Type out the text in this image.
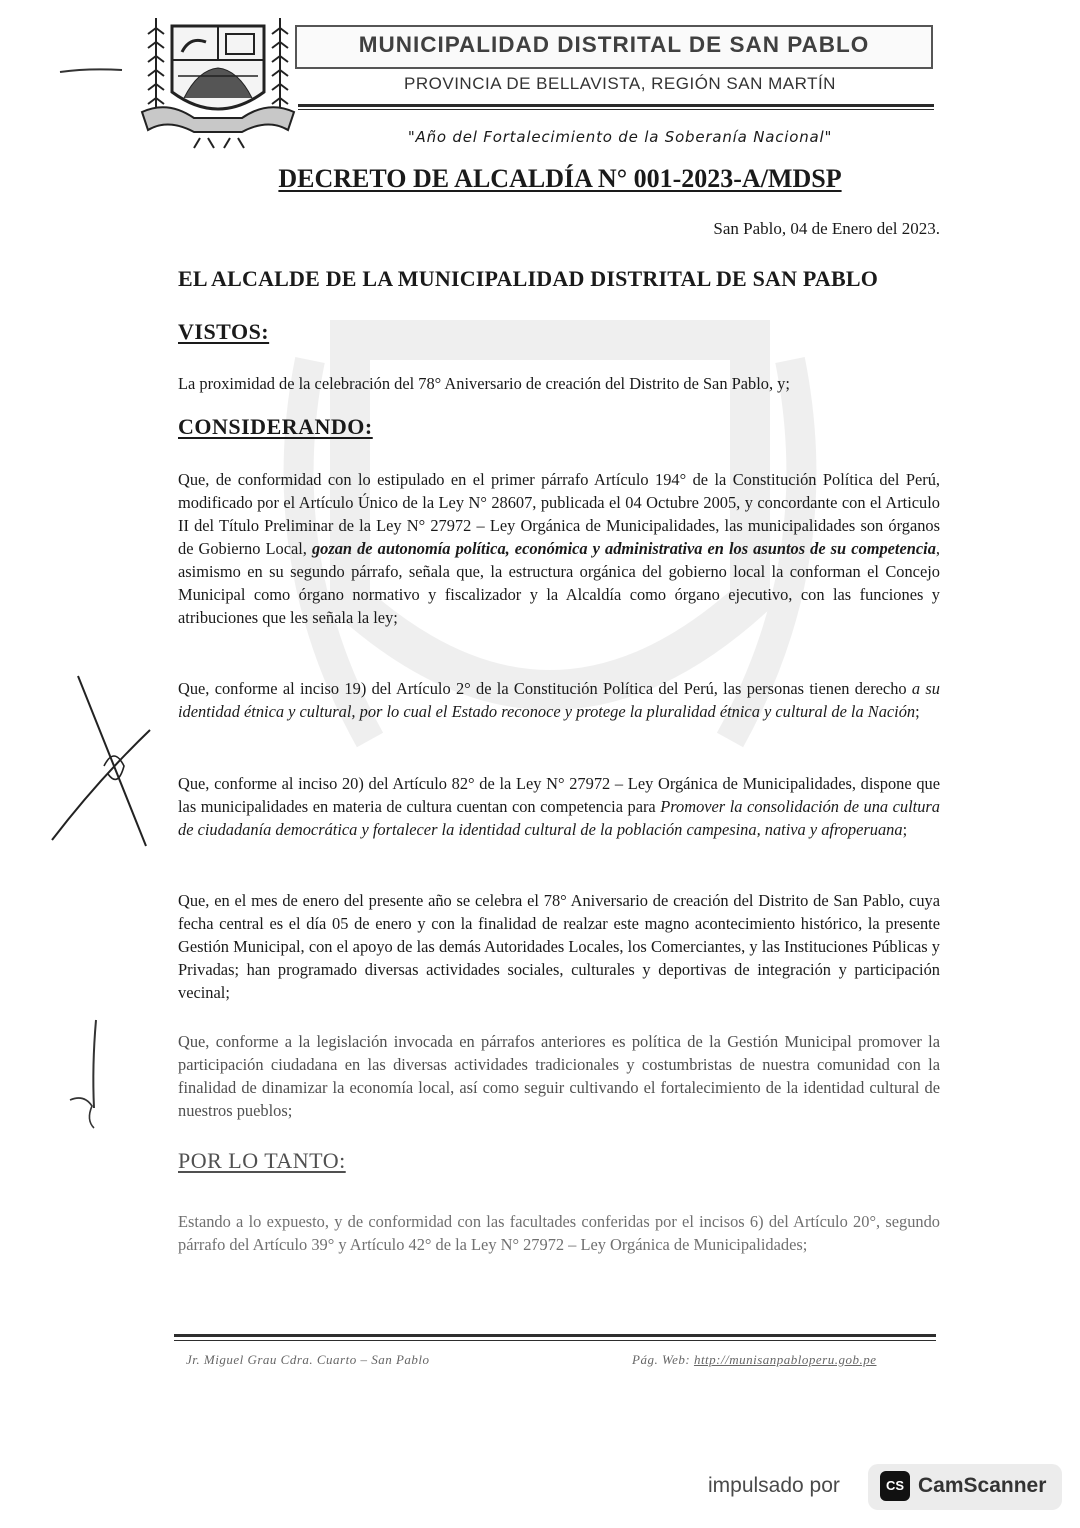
MUNICIPALIDAD DISTRITAL DE SAN PABLO
PROVINCIA DE BELLAVISTA, REGIÓN SAN MARTÍN
"Año del Fortalecimiento de la Soberanía Nacional"
DECRETO DE ALCALDÍA N° 001-2023-A/MDSP
San Pablo, 04 de Enero del 2023.
EL ALCALDE DE LA MUNICIPALIDAD DISTRITAL DE SAN PABLO
VISTOS:
La proximidad de la celebración del 78° Aniversario de creación del Distrito de San Pablo, y;
CONSIDERANDO:
Que, de conformidad con lo estipulado en el primer párrafo Artículo 194° de la Constitución Política del Perú, modificado por el Artículo Único de la Ley N° 28607, publicada el 04 Octubre 2005, y concordante con el Articulo II del Título Preliminar de la Ley N° 27972 – Ley Orgánica de Municipalidades, las municipalidades son órganos de Gobierno Local, gozan de autonomía política, económica y administrativa en los asuntos de su competencia, asimismo en su segundo párrafo, señala que, la estructura orgánica del gobierno local la conforman el Concejo Municipal como órgano normativo y fiscalizador y la Alcaldía como órgano ejecutivo, con las funciones y atribuciones que les señala la ley;
Que, conforme al inciso 19) del Artículo 2° de la Constitución Política del Perú, las personas tienen derecho a su identidad étnica y cultural, por lo cual el Estado reconoce y protege la pluralidad étnica y cultural de la Nación;
Que, conforme al inciso 20) del Artículo 82° de la Ley N° 27972 – Ley Orgánica de Municipalidades, dispone que las municipalidades en materia de cultura cuentan con competencia para Promover la consolidación de una cultura de ciudadanía democrática y fortalecer la identidad cultural de la población campesina, nativa y afroperuana;
Que, en el mes de enero del presente año se celebra el 78° Aniversario de creación del Distrito de San Pablo, cuya fecha central es el día 05 de enero y con la finalidad de realzar este magno acontecimiento histórico, la presente Gestión Municipal, con el apoyo de las demás Autoridades Locales, los Comerciantes, y las Instituciones Públicas y Privadas; han programado diversas actividades sociales, culturales y deportivas de integración y participación vecinal;
Que, conforme a la legislación invocada en párrafos anteriores es política de la Gestión Municipal promover la participación ciudadana en las diversas actividades tradicionales y costumbristas de nuestra comunidad con la finalidad de dinamizar la economía local, así como seguir cultivando el fortalecimiento de la identidad cultural de nuestros pueblos;
POR LO TANTO:
Estando a lo expuesto, y de conformidad con las facultades conferidas por el incisos 6) del Artículo 20°, segundo párrafo del Artículo 39° y Artículo 42° de la Ley N° 27972 – Ley Orgánica de Municipalidades;
Jr. Miguel Grau Cdra. Cuarto – San Pablo	Pág. Web: http://munisanpabloperu.gob.pe
impulsado por	CS CamScanner
